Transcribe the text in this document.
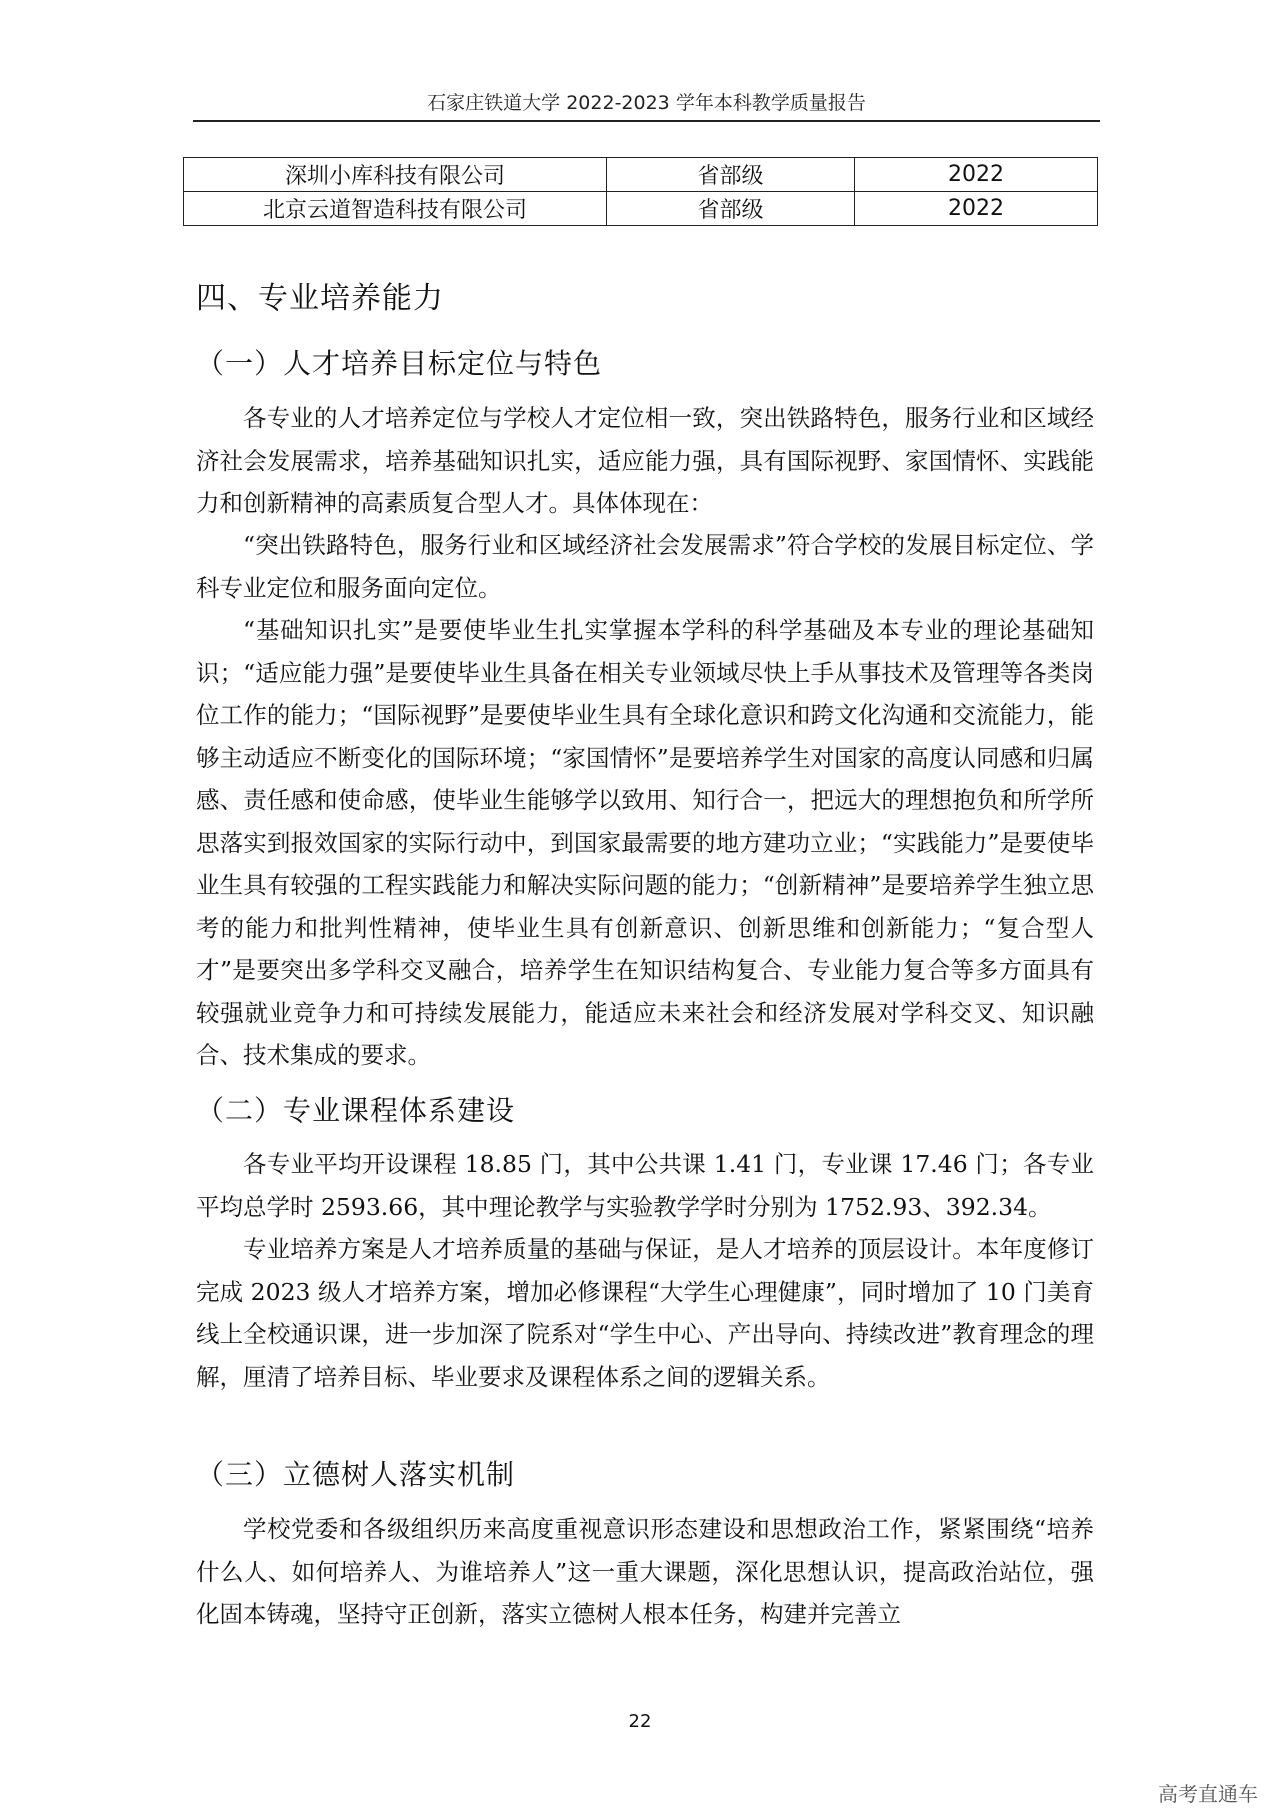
石家庄铁道大学 2022-2023 学年本科教学质量报告
深圳小库科技有限公司	省部级	2022
北京云道智造科技有限公司	省部级	2022
四、专业培养能力
（一）人才培养目标定位与特色

各专业的人才培养定位与学校人才定位相一致，突出铁路特色，服务行业和区域经济社会发展需求，培养基础知识扎实，适应能力强，具有国际视野、家国情怀、实践能力和创新精神的高素质复合型人才。具体体现在：

“突出铁路特色，服务行业和区域经济社会发展需求”符合学校的发展目标定位、学科专业定位和服务面向定位。

“基础知识扎实”是要使毕业生扎实掌握本学科的科学基础及本专业的理论基础知识；“适应能力强”是要使毕业生具备在相关专业领域尽快上手从事技术及管理等各类岗位工作的能力；“国际视野”是要使毕业生具有全球化意识和跨文化沟通和交流能力，能够主动适应不断变化的国际环境；“家国情怀”是要培养学生对国家的高度认同感和归属感、责任感和使命感，使毕业生能够学以致用、知行合一，把远大的理想抱负和所学所思落实到报效国家的实际行动中，到国家最需要的地方建功立业；“实践能力”是要使毕业生具有较强的工程实践能力和解决实际问题的能力；“创新精神”是要培养学生独立思考的能力和批判性精神，使毕业生具有创新意识、创新思维和创新能力；“复合型人才”是要突出多学科交叉融合，培养学生在知识结构复合、专业能力复合等多方面具有较强就业竞争力和可持续发展能力，能适应未来社会和经济发展对学科交叉、知识融合、技术集成的要求。

（二）专业课程体系建设

各专业平均开设课程 18.85 门，其中公共课 1.41 门，专业课 17.46 门；各专业平均总学时 2593.66，其中理论教学与实验教学学时分别为 1752.93、392.34。

专业培养方案是人才培养质量的基础与保证，是人才培养的顶层设计。本年度修订完成 2023 级人才培养方案，增加必修课程“大学生心理健康”，同时增加了 10 门美育线上全校通识课，进一步加深了院系对“学生中心、产出导向、持续改进”教育理念的理解，厘清了培养目标、毕业要求及课程体系之间的逻辑关系。

（三）立德树人落实机制

学校党委和各级组织历来高度重视意识形态建设和思想政治工作，紧紧围绕“培养什么人、如何培养人、为谁培养人”这一重大课题，深化思想认识，提高政治站位，强化固本铸魂，坚持守正创新，落实立德树人根本任务，构建并完善立

22
高考直通车
